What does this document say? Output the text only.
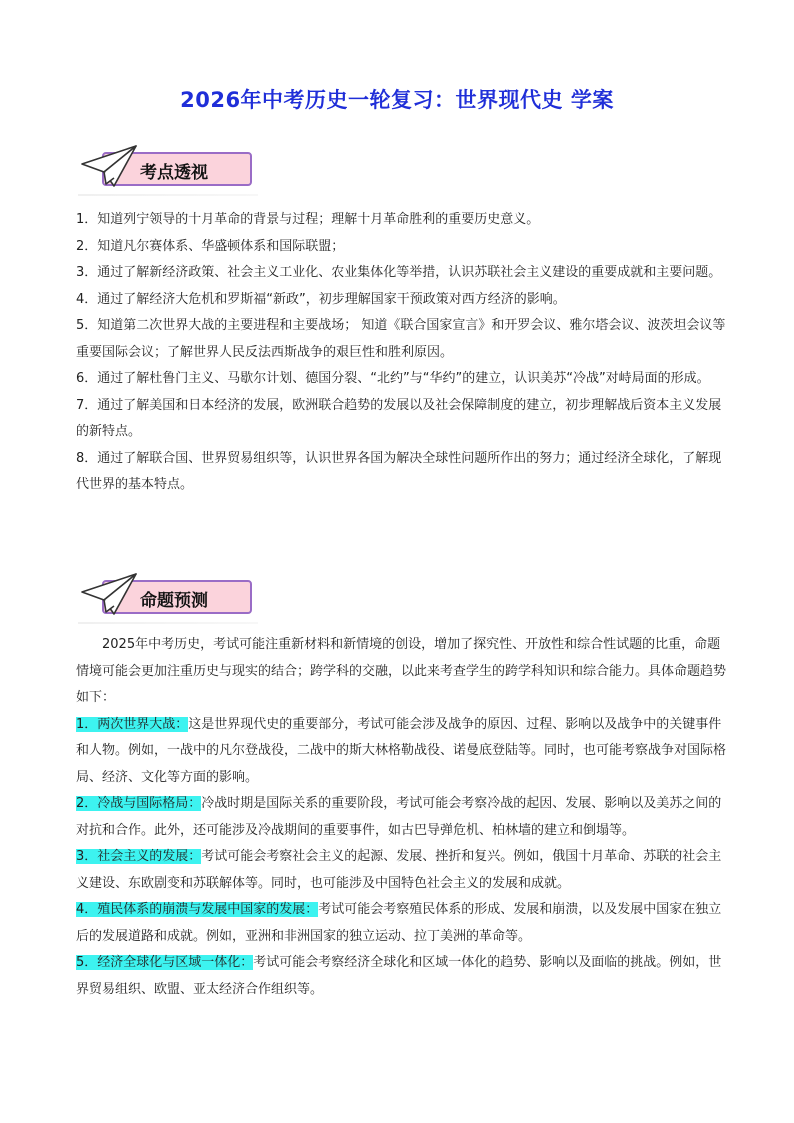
2026年中考历史一轮复习：世界现代史 学案
考点透视

1．知道列宁领导的十月革命的背景与过程；理解十月革命胜利的重要历史意义。

2．知道凡尔赛体系、华盛顿体系和国际联盟；

3．通过了解新经济政策、社会主义工业化、农业集体化等举措，认识苏联社会主义建设的重要成就和主要问题。

4．通过了解经济大危机和罗斯福“新政”，初步理解国家干预政策对西方经济的影响。

5．知道第二次世界大战的主要进程和主要战场； 知道《联合国家宣言》和开罗会议、雅尔塔会议、波茨坦会议等重要国际会议；了解世界人民反法西斯战争的艰巨性和胜利原因。

6．通过了解杜鲁门主义、马歇尔计划、德国分裂、“北约”与“华约”的建立，认识美苏“冷战”对峙局面的形成。

7．通过了解美国和日本经济的发展，欧洲联合趋势的发展以及社会保障制度的建立，初步理解战后资本主义发展的新特点。

8．通过了解联合国、世界贸易组织等，认识世界各国为解决全球性问题所作出的努力；通过经济全球化，了解现代世界的基本特点。

命题预测

2025年中考历史，考试可能注重新材料和新情境的创设，增加了探究性、开放性和综合性试题的比重，命题情境可能会更加注重历史与现实的结合；跨学科的交融，以此来考查学生的跨学科知识和综合能力。具体命题趋势如下：

1．两次世界大战：这是世界现代史的重要部分，考试可能会涉及战争的原因、过程、影响以及战争中的关键事件和人物。例如，一战中的凡尔登战役，二战中的斯大林格勒战役、诺曼底登陆等。同时，也可能考察战争对国际格局、经济、文化等方面的影响。

2．冷战与国际格局：冷战时期是国际关系的重要阶段，考试可能会考察冷战的起因、发展、影响以及美苏之间的对抗和合作。此外，还可能涉及冷战期间的重要事件，如古巴导弹危机、柏林墙的建立和倒塌等。

3．社会主义的发展：考试可能会考察社会主义的起源、发展、挫折和复兴。例如，俄国十月革命、苏联的社会主义建设、东欧剧变和苏联解体等。同时，也可能涉及中国特色社会主义的发展和成就。

4．殖民体系的崩溃与发展中国家的发展：考试可能会考察殖民体系的形成、发展和崩溃，以及发展中国家在独立后的发展道路和成就。例如，亚洲和非洲国家的独立运动、拉丁美洲的革命等。

5．经济全球化与区域一体化：考试可能会考察经济全球化和区域一体化的趋势、影响以及面临的挑战。例如，世界贸易组织、欧盟、亚太经济合作组织等。
